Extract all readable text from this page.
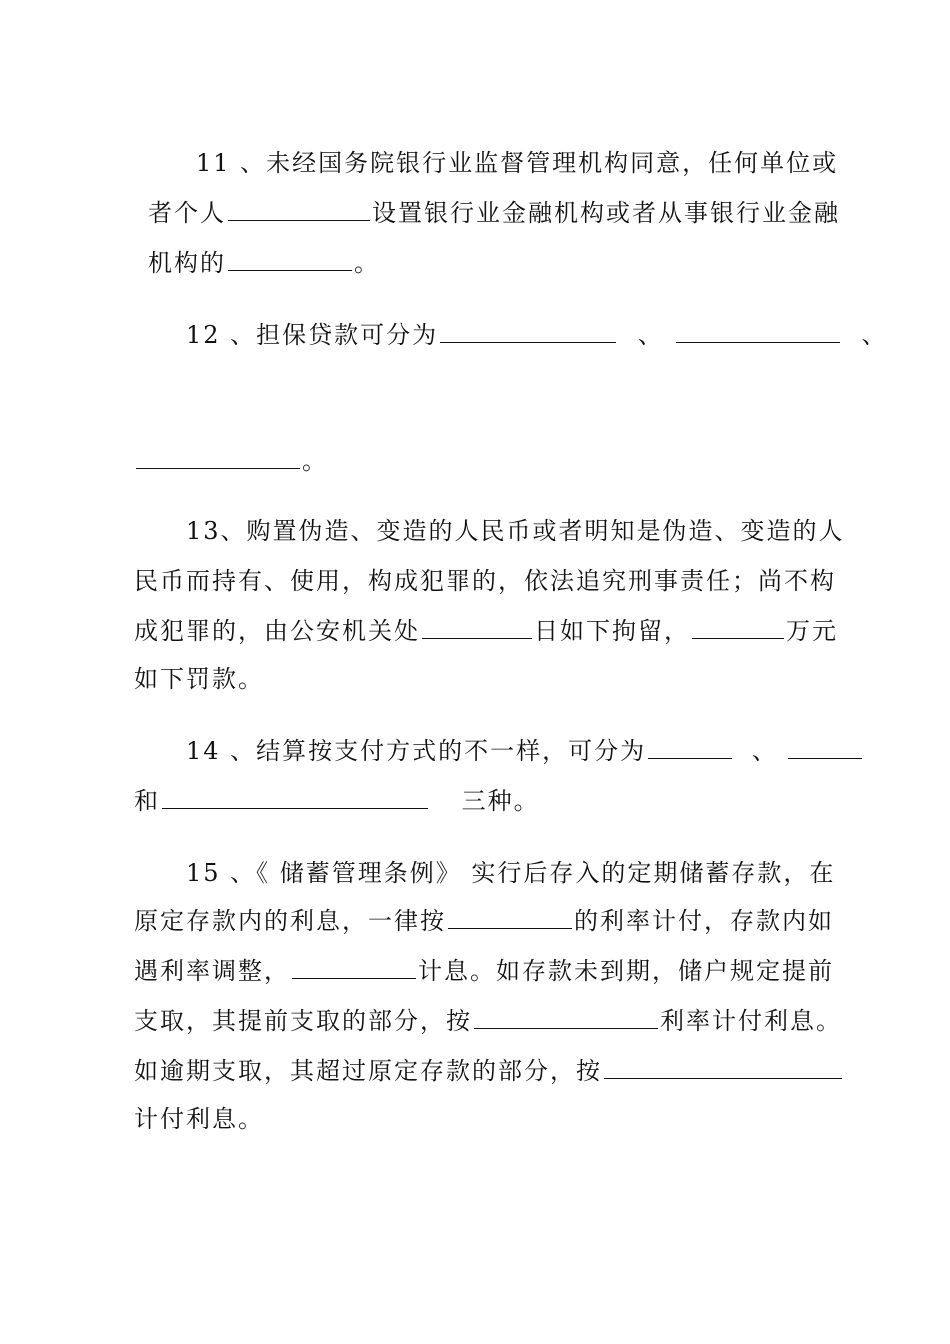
11 、未经国务院银行业监督管理机构同意，任何单位或
者个人	设置银行业金融机构或者从事银行业金融
机构的	。
12 、担保贷款可分为	、	、
。
13、购置伪造、变造的人民币或者明知是伪造、变造的人
民币而持有、使用，构成犯罪的，依法追究刑事责任；尚不构
成犯罪的，由公安机关处	日如下拘留，	万元
如下罚款。
14 、结算按支付方式的不一样，可分为	、
和	三种。
15 、《 储蓄管理条例》 实行后存入的定期储蓄存款，在
原定存款内的利息，一律按	的利率计付，存款内如
遇利率调整，	计息。如存款未到期，储户规定提前
支取，其提前支取的部分，按	利率计付利息。
如逾期支取，其超过原定存款的部分，按
计付利息。
